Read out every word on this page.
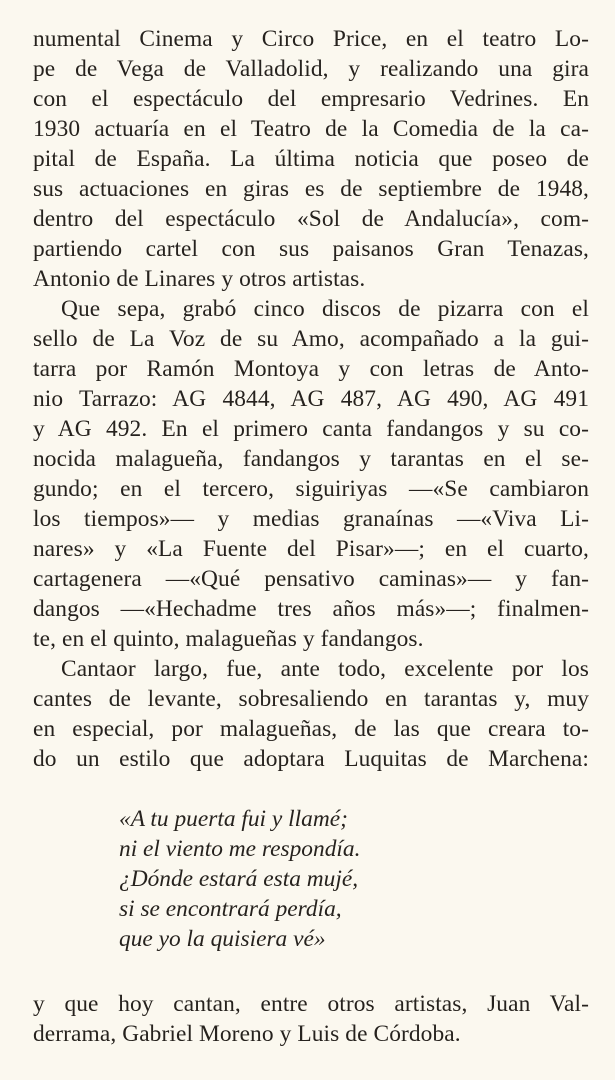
numental Cinema y Circo Price, en el teatro Lo-
pe de Vega de Valladolid, y realizando una gira
con el espectáculo del empresario Vedrines. En
1930 actuaría en el Teatro de la Comedia de la ca-
pital de España. La última noticia que poseo de
sus actuaciones en giras es de septiembre de 1948,
dentro del espectáculo «Sol de Andalucía», com-
partiendo cartel con sus paisanos Gran Tenazas,
Antonio de Linares y otros artistas.
Que sepa, grabó cinco discos de pizarra con el
sello de La Voz de su Amo, acompañado a la gui-
tarra por Ramón Montoya y con letras de Anto-
nio Tarrazo: AG 4844, AG 487, AG 490, AG 491
y AG 492. En el primero canta fandangos y su co-
nocida malagueña, fandangos y tarantas en el se-
gundo; en el tercero, siguiriyas —«Se cambiaron
los tiempos»— y medias granaínas —«Viva Li-
nares» y «La Fuente del Pisar»—; en el cuarto,
cartagenera —«Qué pensativo caminas»— y fan-
dangos —«Hechadme tres años más»—; finalmen-
te, en el quinto, malagueñas y fandangos.
Cantaor largo, fue, ante todo, excelente por los
cantes de levante, sobresaliendo en tarantas y, muy
en especial, por malagueñas, de las que creara to-
do un estilo que adoptara Luquitas de Marchena:
«A tu puerta fui y llamé;
ni el viento me respondía.
¿Dónde estará esta mujé,
si se encontrará perdía,
que yo la quisiera vé»
y que hoy cantan, entre otros artistas, Juan Val-
derrama, Gabriel Moreno y Luis de Córdoba.
